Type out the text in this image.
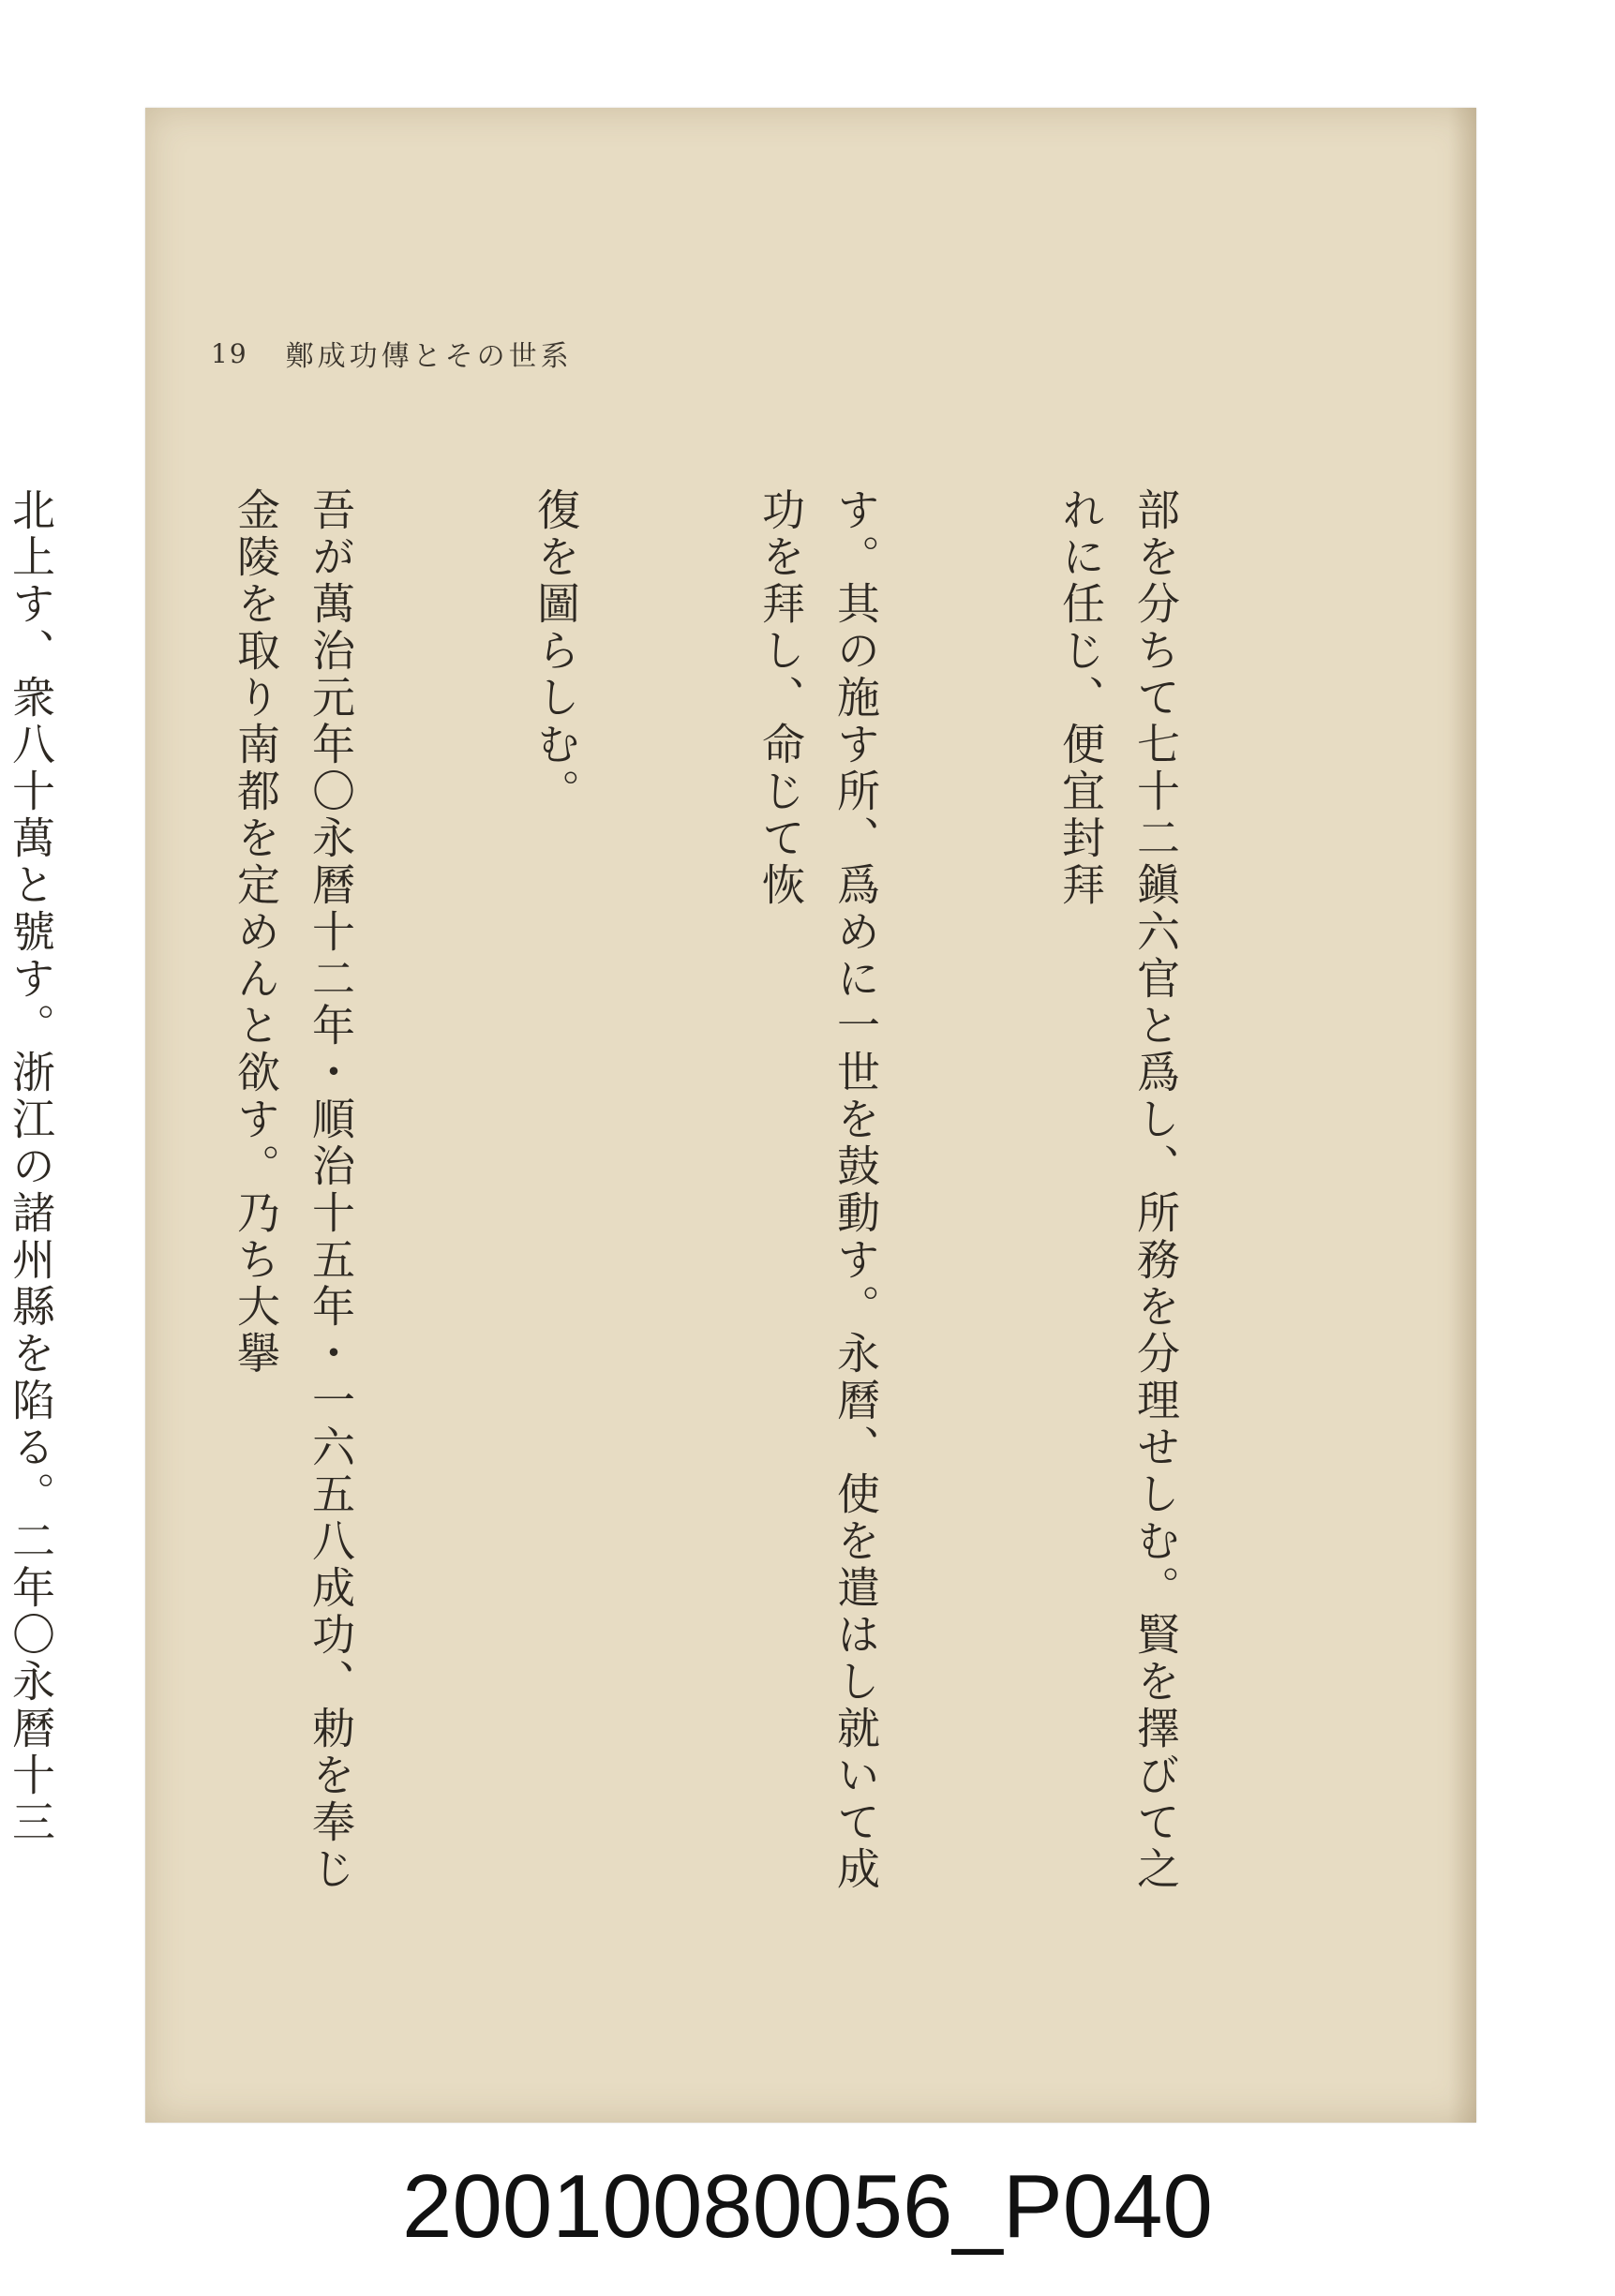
19 鄭成功傳とその世系

部を分ちて七十二鎭六官と爲し、所務を分理せしむ。賢を擇びて之れに任じ、便宜封拜

す。其の施す所、爲めに一世を鼓動す。永曆、使を遣はし就いて成功を拜し、命じて恢

復を圖らしむ。

吾が萬治元年〇永曆十二年・順治十五年・一六五八成功、勅を奉じ金陵を取り南都を定めんと欲す。乃ち大擧

北上す、衆八十萬と號す。浙江の諸州縣を陷る。二年〇永曆十三

20010080056_P040
